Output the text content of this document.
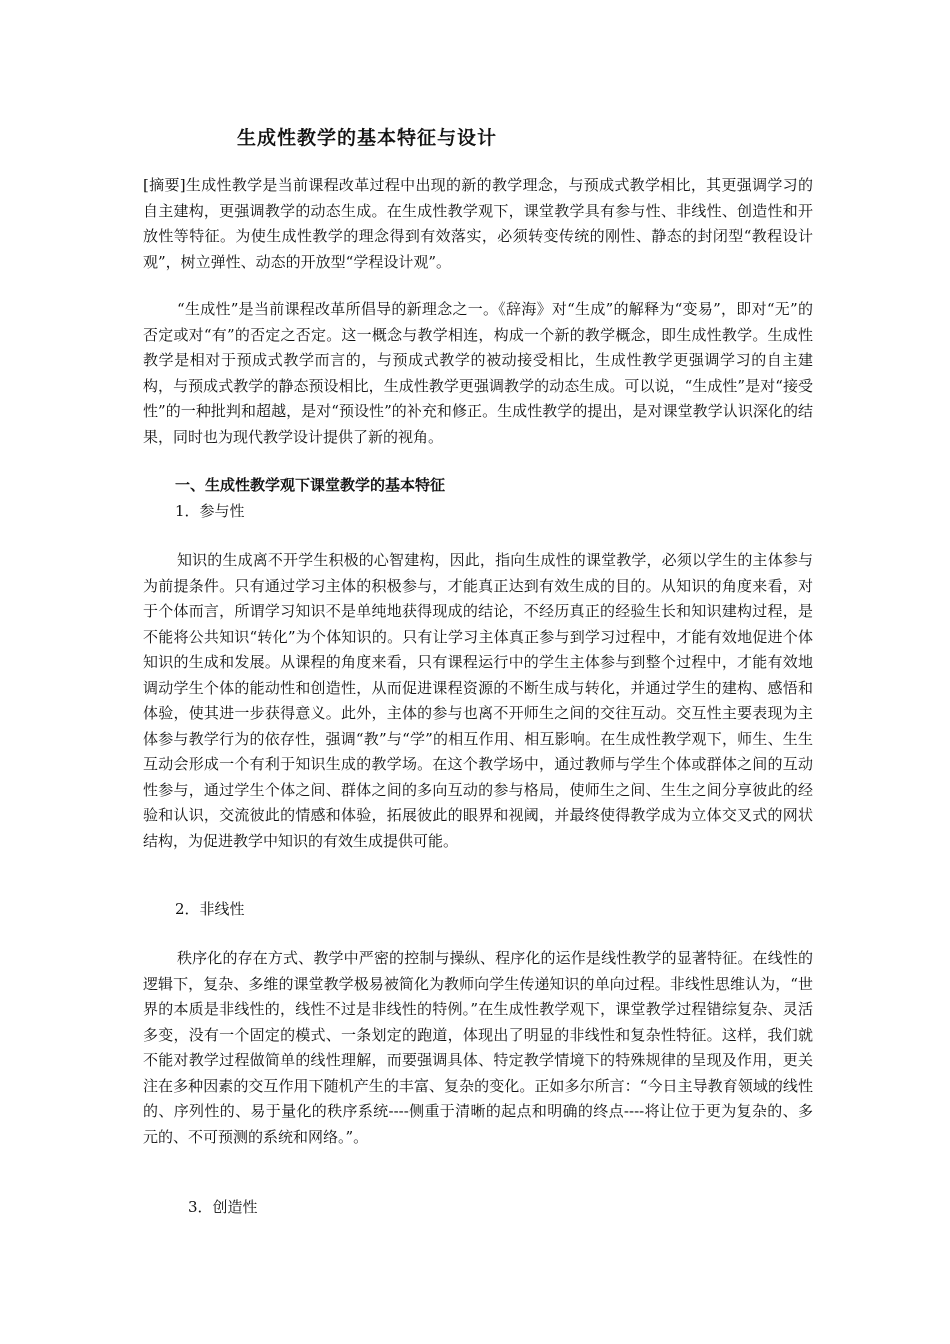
生成性教学的基本特征与设计
[摘要]生成性教学是当前课程改革过程中出现的新的教学理念，与预成式教学相比，其更强调学习的自主建构，更强调教学的动态生成。在生成性教学观下，课堂教学具有参与性、非线性、创造性和开放性等特征。为使生成性教学的理念得到有效落实，必须转变传统的刚性、静态的封闭型“教程设计观”，树立弹性、动态的开放型“学程设计观”。
“生成性”是当前课程改革所倡导的新理念之一。《辞海》对“生成”的解释为“变易”，即对“无”的否定或对“有”的否定之否定。这一概念与教学相连，构成一个新的教学概念，即生成性教学。生成性教学是相对于预成式教学而言的，与预成式教学的被动接受相比，生成性教学更强调学习的自主建构，与预成式教学的静态预设相比，生成性教学更强调教学的动态生成。可以说，“生成性”是对“接受性”的一种批判和超越，是对“预设性”的补充和修正。生成性教学的提出，是对课堂教学认识深化的结果，同时也为现代教学设计提供了新的视角。
一、生成性教学观下课堂教学的基本特征
1．参与性
知识的生成离不开学生积极的心智建构，因此，指向生成性的课堂教学，必须以学生的主体参与为前提条件。只有通过学习主体的积极参与，才能真正达到有效生成的目的。从知识的角度来看，对于个体而言，所谓学习知识不是单纯地获得现成的结论，不经历真正的经验生长和知识建构过程，是不能将公共知识“转化”为个体知识的。只有让学习主体真正参与到学习过程中，才能有效地促进个体知识的生成和发展。从课程的角度来看，只有课程运行中的学生主体参与到整个过程中，才能有效地调动学生个体的能动性和创造性，从而促进课程资源的不断生成与转化，并通过学生的建构、感悟和体验，使其进一步获得意义。此外，主体的参与也离不开师生之间的交往互动。交互性主要表现为主体参与教学行为的依存性，强调“教”与“学”的相互作用、相互影响。在生成性教学观下，师生、生生互动会形成一个有利于知识生成的教学场。在这个教学场中，通过教师与学生个体或群体之间的互动性参与，通过学生个体之间、群体之间的多向互动的参与格局，使师生之间、生生之间分享彼此的经验和认识，交流彼此的情感和体验，拓展彼此的眼界和视阈，并最终使得教学成为立体交叉式的网状结构，为促进教学中知识的有效生成提供可能。
2．非线性
秩序化的存在方式、教学中严密的控制与操纵、程序化的运作是线性教学的显著特征。在线性的逻辑下，复杂、多维的课堂教学极易被简化为教师向学生传递知识的单向过程。非线性思维认为，“世界的本质是非线性的，线性不过是非线性的特例。”在生成性教学观下，课堂教学过程错综复杂、灵活多变，没有一个固定的模式、一条划定的跑道，体现出了明显的非线性和复杂性特征。这样，我们就不能对教学过程做简单的线性理解，而要强调具体、特定教学情境下的特殊规律的呈现及作用，更关注在多种因素的交互作用下随机产生的丰富、复杂的变化。正如多尔所言：“今日主导教育领域的线性的、序列性的、易于量化的秩序系统----侧重于清晰的起点和明确的终点----将让位于更为复杂的、多元的、不可预测的系统和网络。”。
3．创造性
